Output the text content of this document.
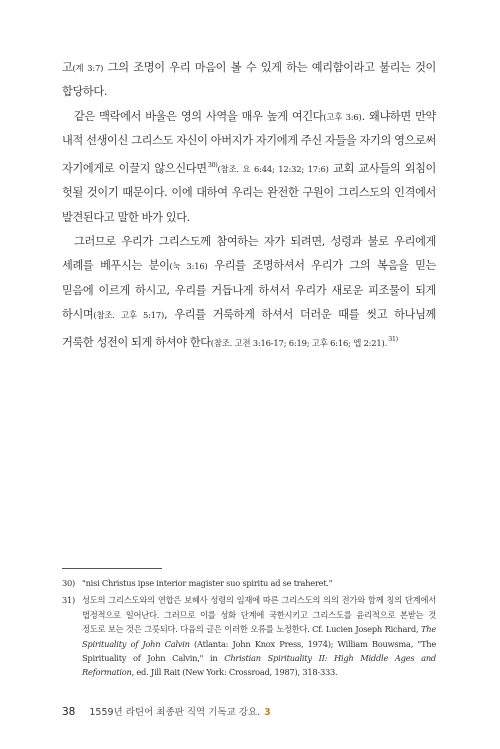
고(계 3:7) 그의 조명이 우리 마음이 볼 수 있게 하는 예리함이라고 불리는 것이 합당하다.

같은 맥락에서 바울은 영의 사역을 매우 높게 여긴다(고후 3:6). 왜냐하면 만약 내적 선생이신 그리스도 자신이 아버지가 자기에게 주신 자들을 자기의 영으로써 자기에게로 이끌지 않으신다면$^{30)}$(참조. 요 6:44; 12:32; 17:6) 교회 교사들의 외침이 헛될 것이기 때문이다. 이에 대하여 우리는 완전한 구원이 그리스도의 인격에서 발견된다고 말한 바가 있다.

그러므로 우리가 그리스도께 참여하는 자가 되려면, 성령과 불로 우리에게 세례를 베푸시는 분이(눅 3:16) 우리를 조명하셔서 우리가 그의 복음을 믿는 믿음에 이르게 하시고, 우리를 거듭나게 하셔서 우리가 새로운 피조물이 되게 하시며(참조. 고후 5:17), 우리를 거룩하게 하셔서 더러운 때를 씻고 하나님께 거룩한 성전이 되게 하셔야 한다(참조. 고전 3:16-17; 6:19; 고후 6:16; 엡 2:21).$^{31)}$

30) "nisi Christus ipse interior magister suo spiritu ad se traheret."
31) 성도의 그리스도와의 연합은 보혜사 성령의 임재에 따른 그리스도의 의의 전가와 함께 칭의 단계에서 법정적으로 일어난다. 그러므로 이를 성화 단계에 국한시키고 그리스도를 윤리적으로 본받는 것 정도로 보는 것은 그릇되다. 다음의 글은 이러한 오류를 노정한다. Cf. Lucien Joseph Richard, The Spirituality of John Calvin (Atlanta: John Knox Press, 1974); William Bouwsma, "The Spirituality of John Calvin," in Christian Spirituality II: High Middle Ages and Reformation, ed. Jill Rait (New York: Crossroad, 1987), 318-333.
38 1559년 라틴어 최종판 직역 기독교 강요. 3
